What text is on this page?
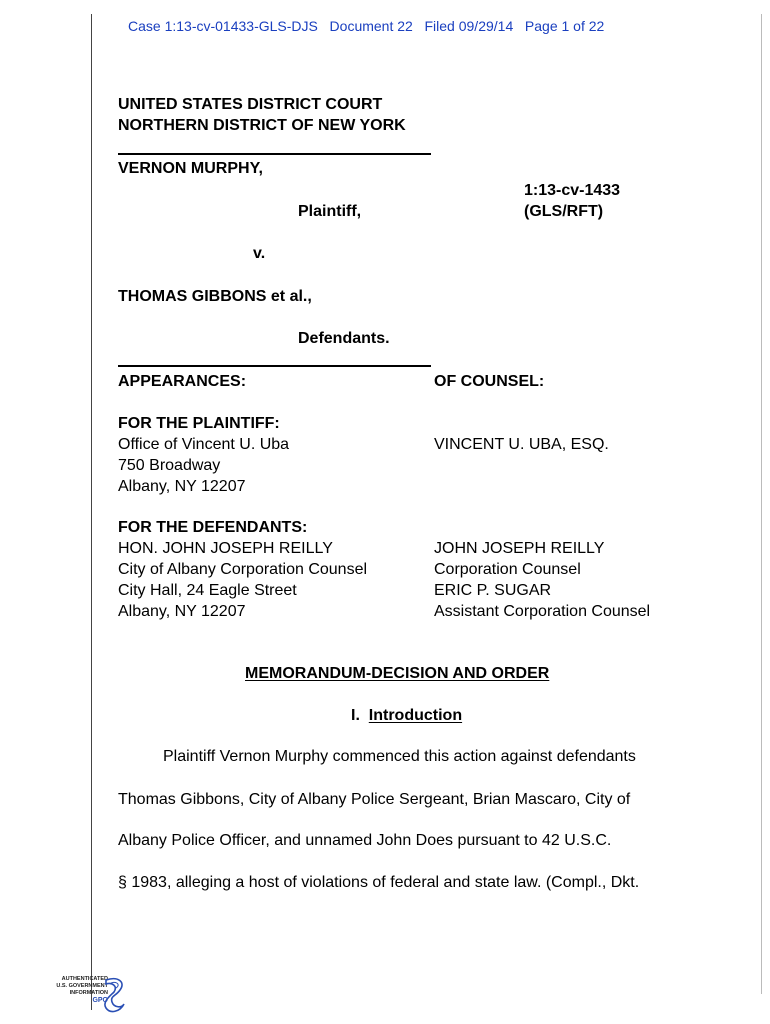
Case 1:13-cv-01433-GLS-DJS Document 22 Filed 09/29/14 Page 1 of 22
UNITED STATES DISTRICT COURT
NORTHERN DISTRICT OF NEW YORK
VERNON MURPHY,
1:13-cv-1433
(GLS/RFT)
Plaintiff,
v.
THOMAS GIBBONS et al.,
Defendants.
APPEARANCES:	OF COUNSEL:
FOR THE PLAINTIFF:
Office of Vincent U. Uba
750 Broadway
Albany, NY 12207
VINCENT U. UBA, ESQ.
FOR THE DEFENDANTS:
HON. JOHN JOSEPH REILLY
City of Albany Corporation Counsel
City Hall, 24 Eagle Street
Albany, NY 12207
JOHN JOSEPH REILLY
Corporation Counsel
ERIC P. SUGAR
Assistant Corporation Counsel
MEMORANDUM-DECISION AND ORDER
I. Introduction
Plaintiff Vernon Murphy commenced this action against defendants
Thomas Gibbons, City of Albany Police Sergeant, Brian Mascaro, City of
Albany Police Officer, and unnamed John Does pursuant to 42 U.S.C.
§ 1983, alleging a host of violations of federal and state law. (Compl., Dkt.
AUTHENTICATED
U.S. GOVERNMENT
INFORMATION
GPO
